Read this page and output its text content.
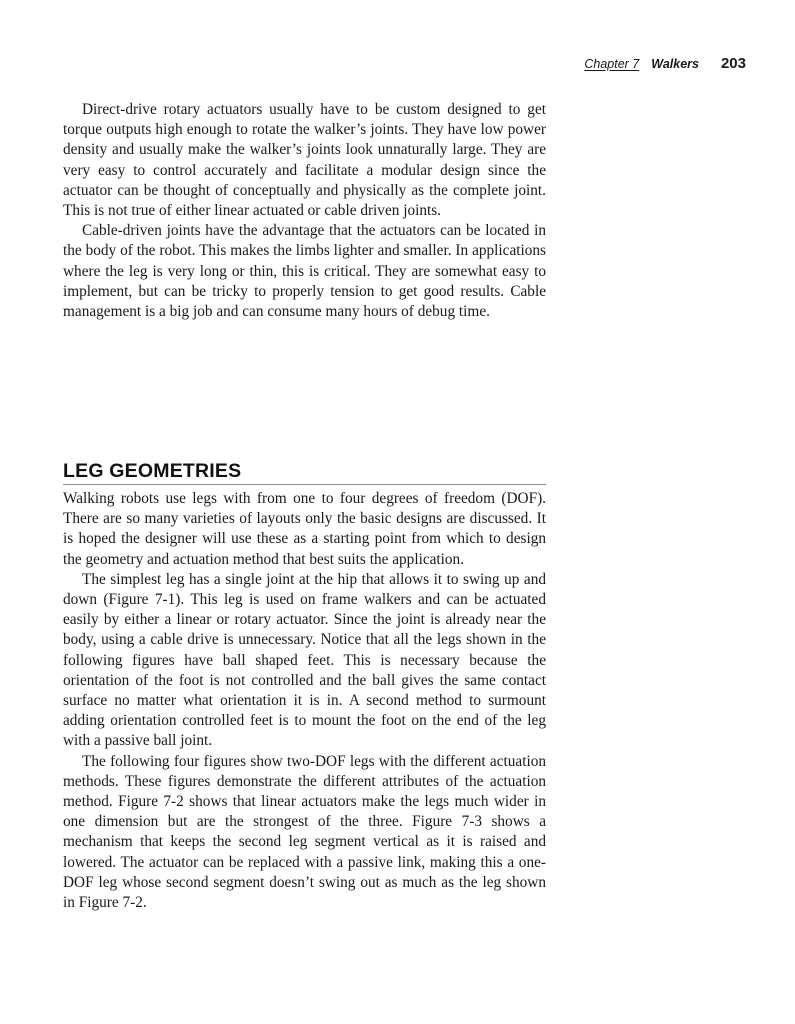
Chapter 7 Walkers 203

Direct-drive rotary actuators usually have to be custom designed to get torque outputs high enough to rotate the walker’s joints. They have low power density and usually make the walker’s joints look unnaturally large. They are very easy to control accurately and facilitate a modular design since the actuator can be thought of conceptually and physically as the complete joint. This is not true of either linear actuated or cable driven joints.

Cable-driven joints have the advantage that the actuators can be located in the body of the robot. This makes the limbs lighter and smaller. In applications where the leg is very long or thin, this is critical. They are somewhat easy to implement, but can be tricky to properly tension to get good results. Cable management is a big job and can consume many hours of debug time.

LEG GEOMETRIES

Walking robots use legs with from one to four degrees of freedom (DOF). There are so many varieties of layouts only the basic designs are discussed. It is hoped the designer will use these as a starting point from which to design the geometry and actuation method that best suits the application.

The simplest leg has a single joint at the hip that allows it to swing up and down (Figure 7-1). This leg is used on frame walkers and can be actuated easily by either a linear or rotary actuator. Since the joint is already near the body, using a cable drive is unnecessary. Notice that all the legs shown in the following figures have ball shaped feet. This is necessary because the orientation of the foot is not controlled and the ball gives the same contact surface no matter what orientation it is in. A second method to surmount adding orientation controlled feet is to mount the foot on the end of the leg with a passive ball joint.

The following four figures show two-DOF legs with the different actuation methods. These figures demonstrate the different attributes of the actuation method. Figure 7-2 shows that linear actuators make the legs much wider in one dimension but are the strongest of the three. Figure 7-3 shows a mechanism that keeps the second leg segment vertical as it is raised and lowered. The actuator can be replaced with a passive link, making this a one-DOF leg whose second segment doesn’t swing out as much as the leg shown in Figure 7-2.
